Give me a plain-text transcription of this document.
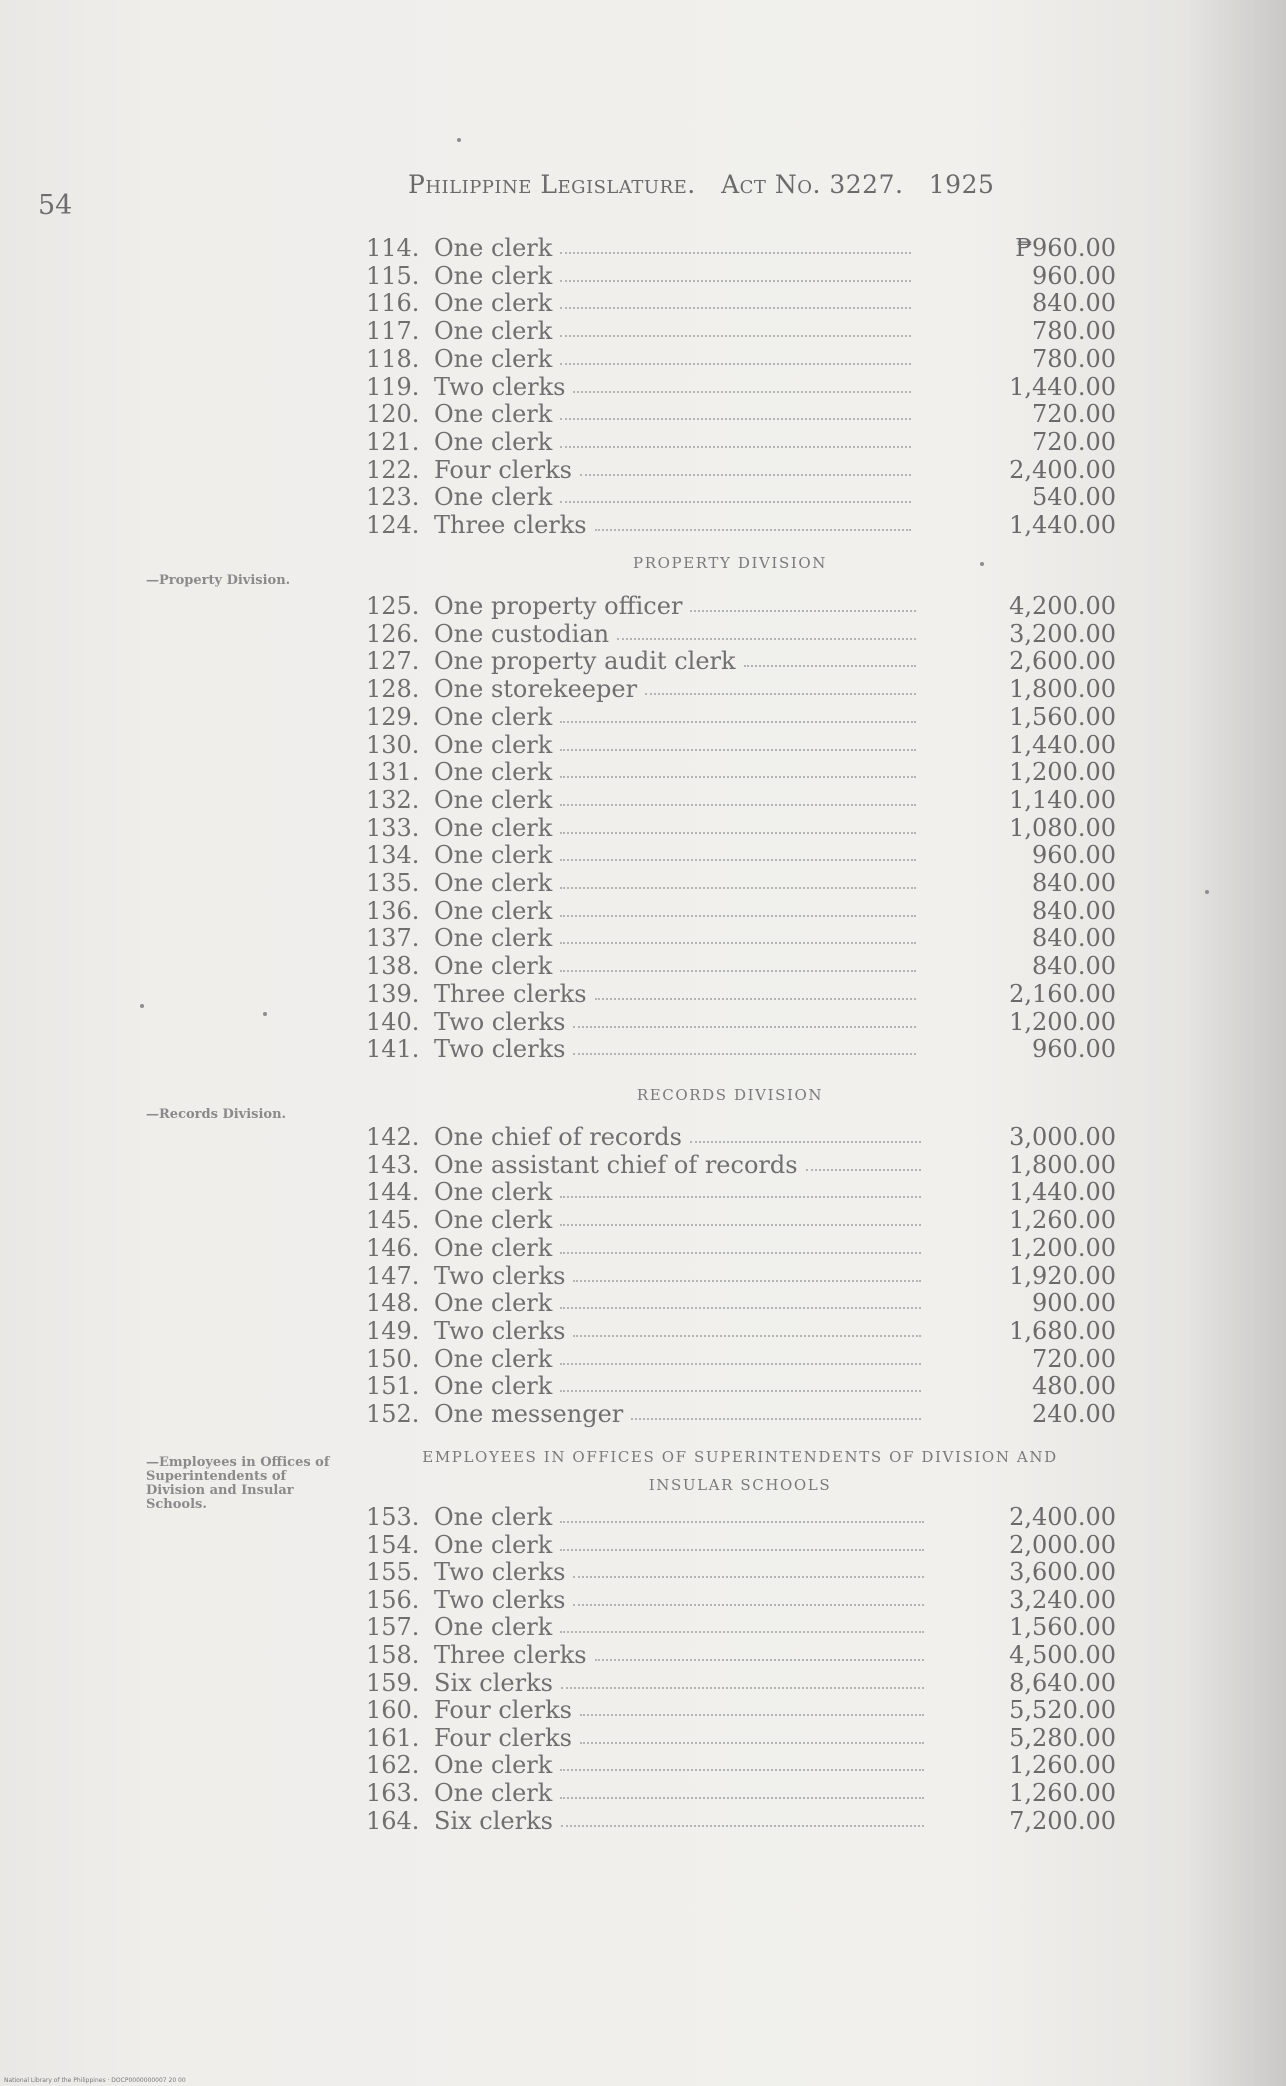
54
Philippine Legislature. Act No. 3227. 1925
—Property Division.
—Records Division.
—Employees in Offices of Superintendents of Division and Insular Schools.
PROPERTY DIVISION
RECORDS DIVISION
EMPLOYEES IN OFFICES OF SUPERINTENDENTS OF DIVISION AND
INSULAR SCHOOLS
114. One clerk	₱960.00
115. One clerk	960.00
116. One clerk	840.00
117. One clerk	780.00
118. One clerk	780.00
119. Two clerks	1,440.00
120. One clerk	720.00
121. One clerk	720.00
122. Four clerks	2,400.00
123. One clerk	540.00
124. Three clerks	1,440.00
125. One property officer	4,200.00
126. One custodian	3,200.00
127. One property audit clerk	2,600.00
128. One storekeeper	1,800.00
129. One clerk	1,560.00
130. One clerk	1,440.00
131. One clerk	1,200.00
132. One clerk	1,140.00
133. One clerk	1,080.00
134. One clerk	960.00
135. One clerk	840.00
136. One clerk	840.00
137. One clerk	840.00
138. One clerk	840.00
139. Three clerks	2,160.00
140. Two clerks	1,200.00
141. Two clerks	960.00
142. One chief of records	3,000.00
143. One assistant chief of records	1,800.00
144. One clerk	1,440.00
145. One clerk	1,260.00
146. One clerk	1,200.00
147. Two clerks	1,920.00
148. One clerk	900.00
149. Two clerks	1,680.00
150. One clerk	720.00
151. One clerk	480.00
152. One messenger	240.00
153. One clerk	2,400.00
154. One clerk	2,000.00
155. Two clerks	3,600.00
156. Two clerks	3,240.00
157. One clerk	1,560.00
158. Three clerks	4,500.00
159. Six clerks	8,640.00
160. Four clerks	5,520.00
161. Four clerks	5,280.00
162. One clerk	1,260.00
163. One clerk	1,260.00
164. Six clerks	7,200.00
National Library of the Philippines · DOCP0000000007 20 00
